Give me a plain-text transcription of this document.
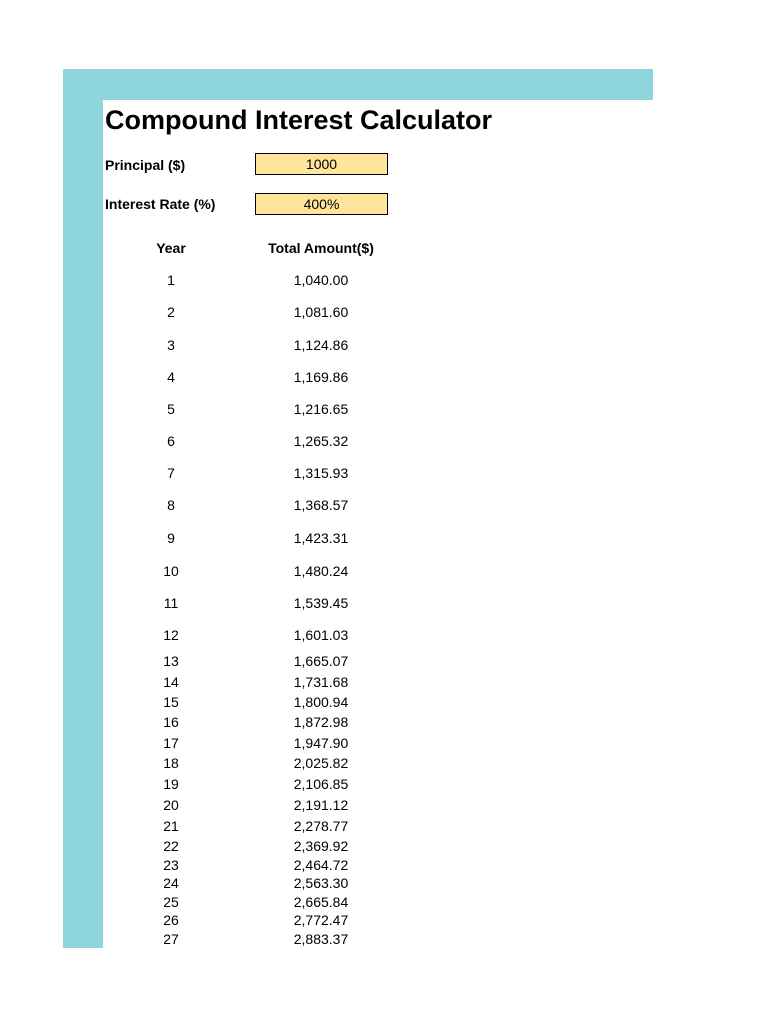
Compound Interest Calculator
Principal ($)	1000
Interest Rate (%)	400%
Year	Total Amount($)
1	1,040.00
2	1,081.60
3	1,124.86
4	1,169.86
5	1,216.65
6	1,265.32
7	1,315.93
8	1,368.57
9	1,423.31
10	1,480.24
11	1,539.45
12	1,601.03
13	1,665.07
14	1,731.68
15	1,800.94
16	1,872.98
17	1,947.90
18	2,025.82
19	2,106.85
20	2,191.12
21	2,278.77
22	2,369.92
23	2,464.72
24	2,563.30
25	2,665.84
26	2,772.47
27	2,883.37
